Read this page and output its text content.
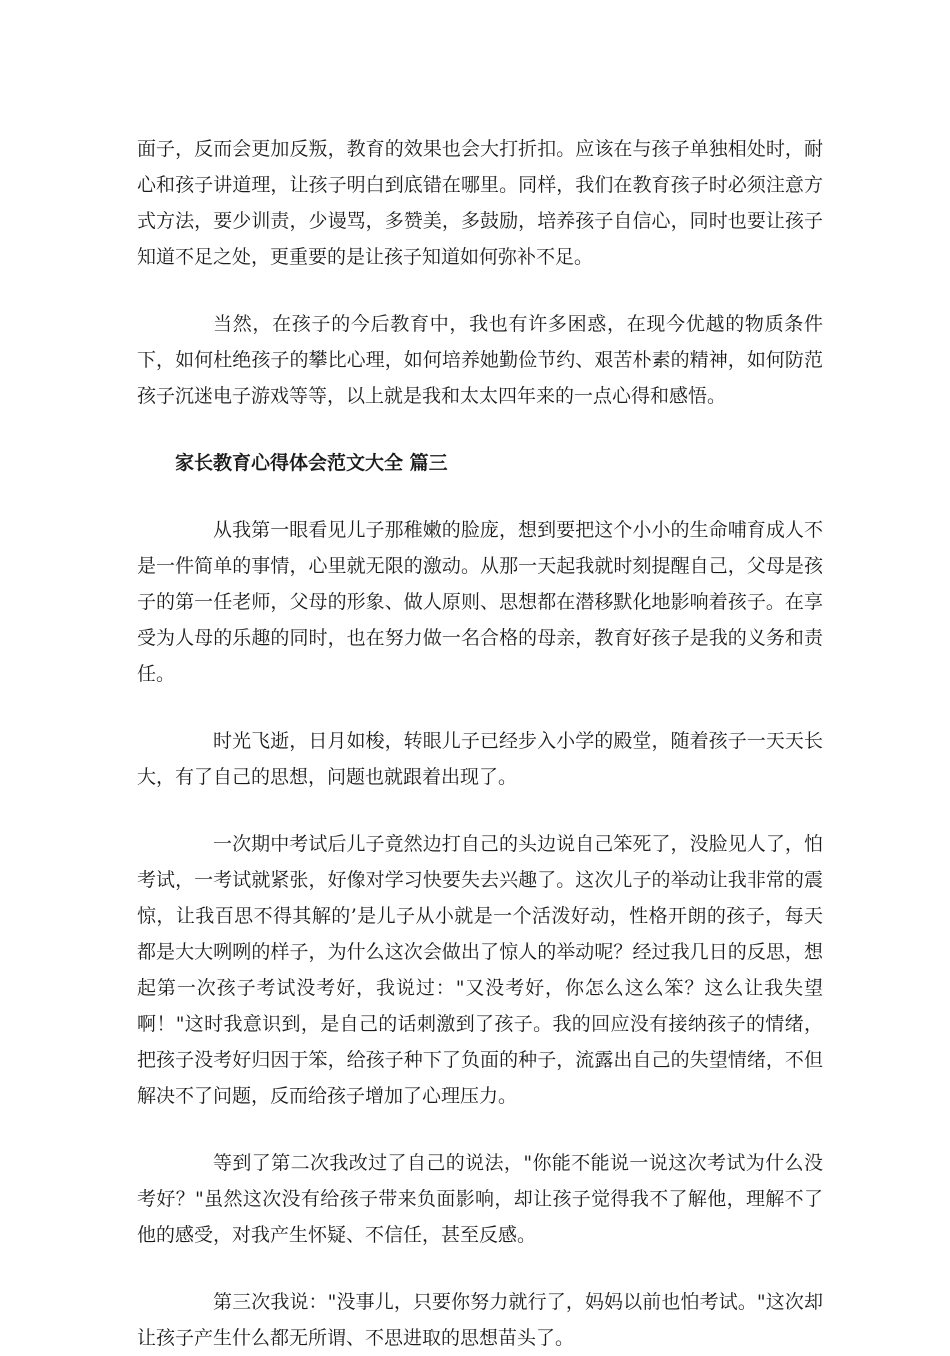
面子，反而会更加反叛，教育的效果也会大打折扣。应该在与孩子单独相处时，耐心和孩子讲道理，让孩子明白到底错在哪里。同样，我们在教育孩子时必须注意方式方法，要少训责，少谩骂，多赞美，多鼓励，培养孩子自信心，同时也要让孩子知道不足之处，更重要的是让孩子知道如何弥补不足。

当然，在孩子的今后教育中，我也有许多困惑，在现今优越的物质条件下，如何杜绝孩子的攀比心理，如何培养她勤俭节约、艰苦朴素的精神，如何防范孩子沉迷电子游戏等等，以上就是我和太太四年来的一点心得和感悟。

家长教育心得体会范文大全 篇三

从我第一眼看见儿子那稚嫩的脸庞，想到要把这个小小的生命哺育成人不是一件简单的事情，心里就无限的激动。从那一天起我就时刻提醒自己，父母是孩子的第一任老师，父母的形象、做人原则、思想都在潜移默化地影响着孩子。在享受为人母的乐趣的同时，也在努力做一名合格的母亲，教育好孩子是我的义务和责任。

时光飞逝，日月如梭，转眼儿子已经步入小学的殿堂，随着孩子一天天长大，有了自己的思想，问题也就跟着出现了。

一次期中考试后儿子竟然边打自己的头边说自己笨死了，没脸见人了，怕考试，一考试就紧张，好像对学习快要失去兴趣了。这次儿子的举动让我非常的震惊，让我百思不得其解的’是儿子从小就是一个活泼好动，性格开朗的孩子，每天都是大大咧咧的样子，为什么这次会做出了惊人的举动呢？经过我几日的反思，想起第一次孩子考试没考好，我说过："又没考好，你怎么这么笨？这么让我失望啊！"这时我意识到，是自己的话刺激到了孩子。我的回应没有接纳孩子的情绪，把孩子没考好归因于笨，给孩子种下了负面的种子，流露出自己的失望情绪，不但解决不了问题，反而给孩子增加了心理压力。

等到了第二次我改过了自己的说法，"你能不能说一说这次考试为什么没考好？"虽然这次没有给孩子带来负面影响，却让孩子觉得我不了解他，理解不了他的感受，对我产生怀疑、不信任，甚至反感。

第三次我说："没事儿，只要你努力就行了，妈妈以前也怕考试。"这次却让孩子产生什么都无所谓、不思进取的思想苗头了。
